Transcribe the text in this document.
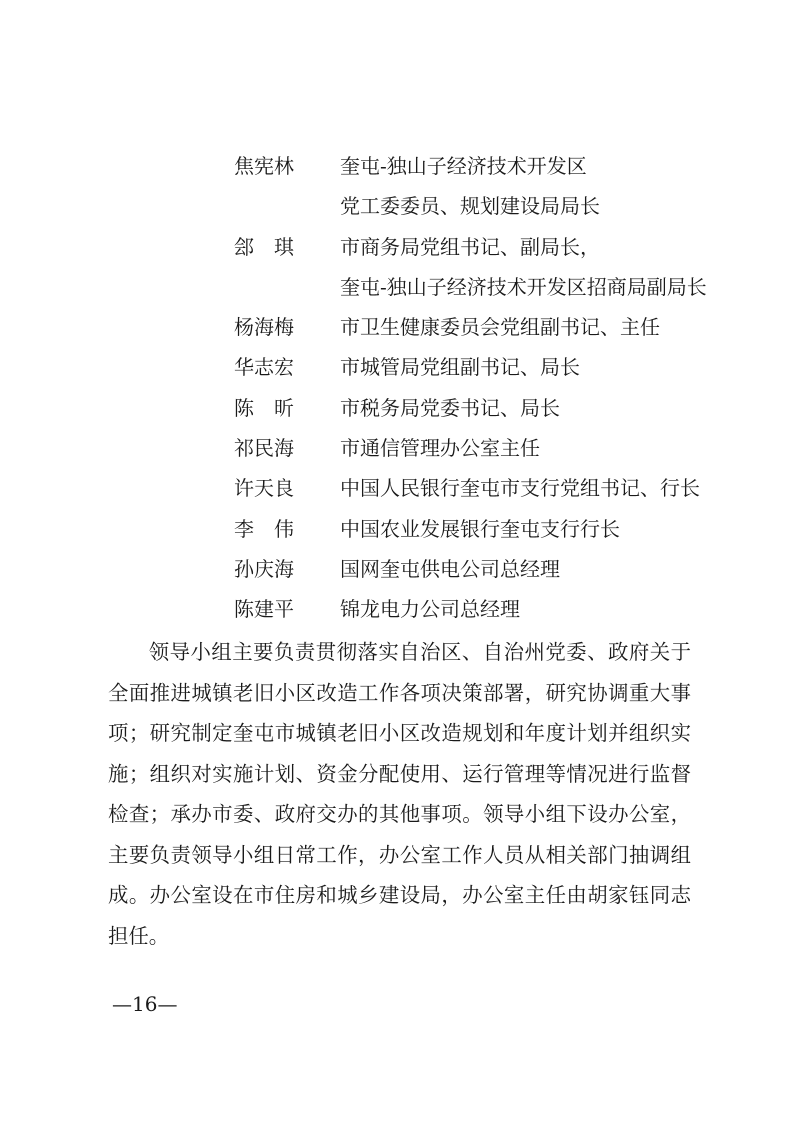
焦宪林	奎屯-独山子经济技术开发区
党工委委员、规划建设局局长
郐琪	市商务局党组书记、副局长，
奎屯-独山子经济技术开发区招商局副局长
杨海梅	市卫生健康委员会党组副书记、主任
华志宏	市城管局党组副书记、局长
陈昕	市税务局党委书记、局长
祁民海	市通信管理办公室主任
许天良	中国人民银行奎屯市支行党组书记、行长
李伟	中国农业发展银行奎屯支行行长
孙庆海	国网奎屯供电公司总经理
陈建平	锦龙电力公司总经理

领导小组主要负责贯彻落实自治区、自治州党委、政府关于全面推进城镇老旧小区改造工作各项决策部署，研究协调重大事项；研究制定奎屯市城镇老旧小区改造规划和年度计划并组织实施；组织对实施计划、资金分配使用、运行管理等情况进行监督检查；承办市委、政府交办的其他事项。领导小组下设办公室，主要负责领导小组日常工作，办公室工作人员从相关部门抽调组成。办公室设在市住房和城乡建设局，办公室主任由胡家钰同志担任。

—16—
